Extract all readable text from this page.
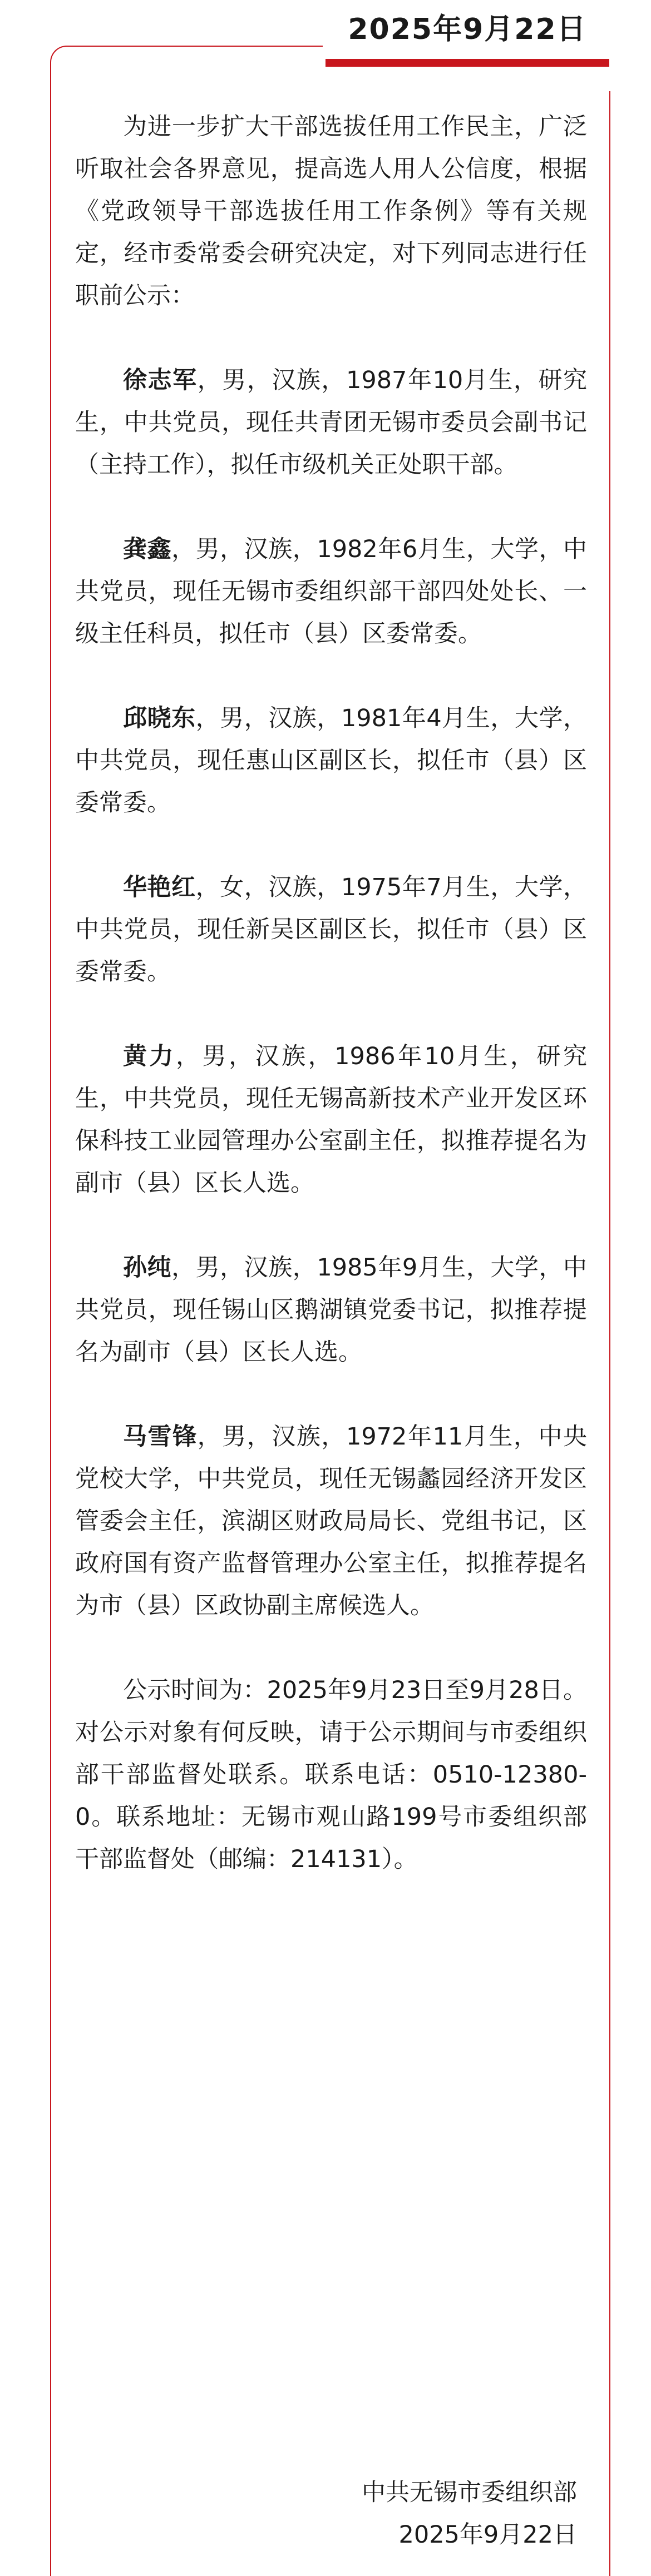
2025年9月22日

为进一步扩大干部选拔任用工作民主，广泛听取社会各界意见，提高选人用人公信度，根据《党政领导干部选拔任用工作条例》等有关规定，经市委常委会研究决定，对下列同志进行任职前公示：

徐志军，男，汉族，1987年10月生，研究生，中共党员，现任共青团无锡市委员会副书记（主持工作），拟任市级机关正处职干部。

龚鑫，男，汉族，1982年6月生，大学，中共党员，现任无锡市委组织部干部四处处长、一级主任科员，拟任市（县）区委常委。

邱晓东，男，汉族，1981年4月生，大学，中共党员，现任惠山区副区长，拟任市（县）区委常委。

华艳红，女，汉族，1975年7月生，大学，中共党员，现任新吴区副区长，拟任市（县）区委常委。

黄力，男，汉族，1986年10月生，研究生，中共党员，现任无锡高新技术产业开发区环保科技工业园管理办公室副主任，拟推荐提名为副市（县）区长人选。

孙纯，男，汉族，1985年9月生，大学，中共党员，现任锡山区鹅湖镇党委书记，拟推荐提名为副市（县）区长人选。

马雪锋，男，汉族，1972年11月生，中央党校大学，中共党员，现任无锡蠡园经济开发区管委会主任，滨湖区财政局局长、党组书记，区政府国有资产监督管理办公室主任，拟推荐提名为市（县）区政协副主席候选人。

公示时间为：2025年9月23日至9月28日。对公示对象有何反映，请于公示期间与市委组织部干部监督处联系。联系电话：0510-12380-0。联系地址：无锡市观山路199号市委组织部干部监督处（邮编：214131）。

中共无锡市委组织部
2025年9月22日
